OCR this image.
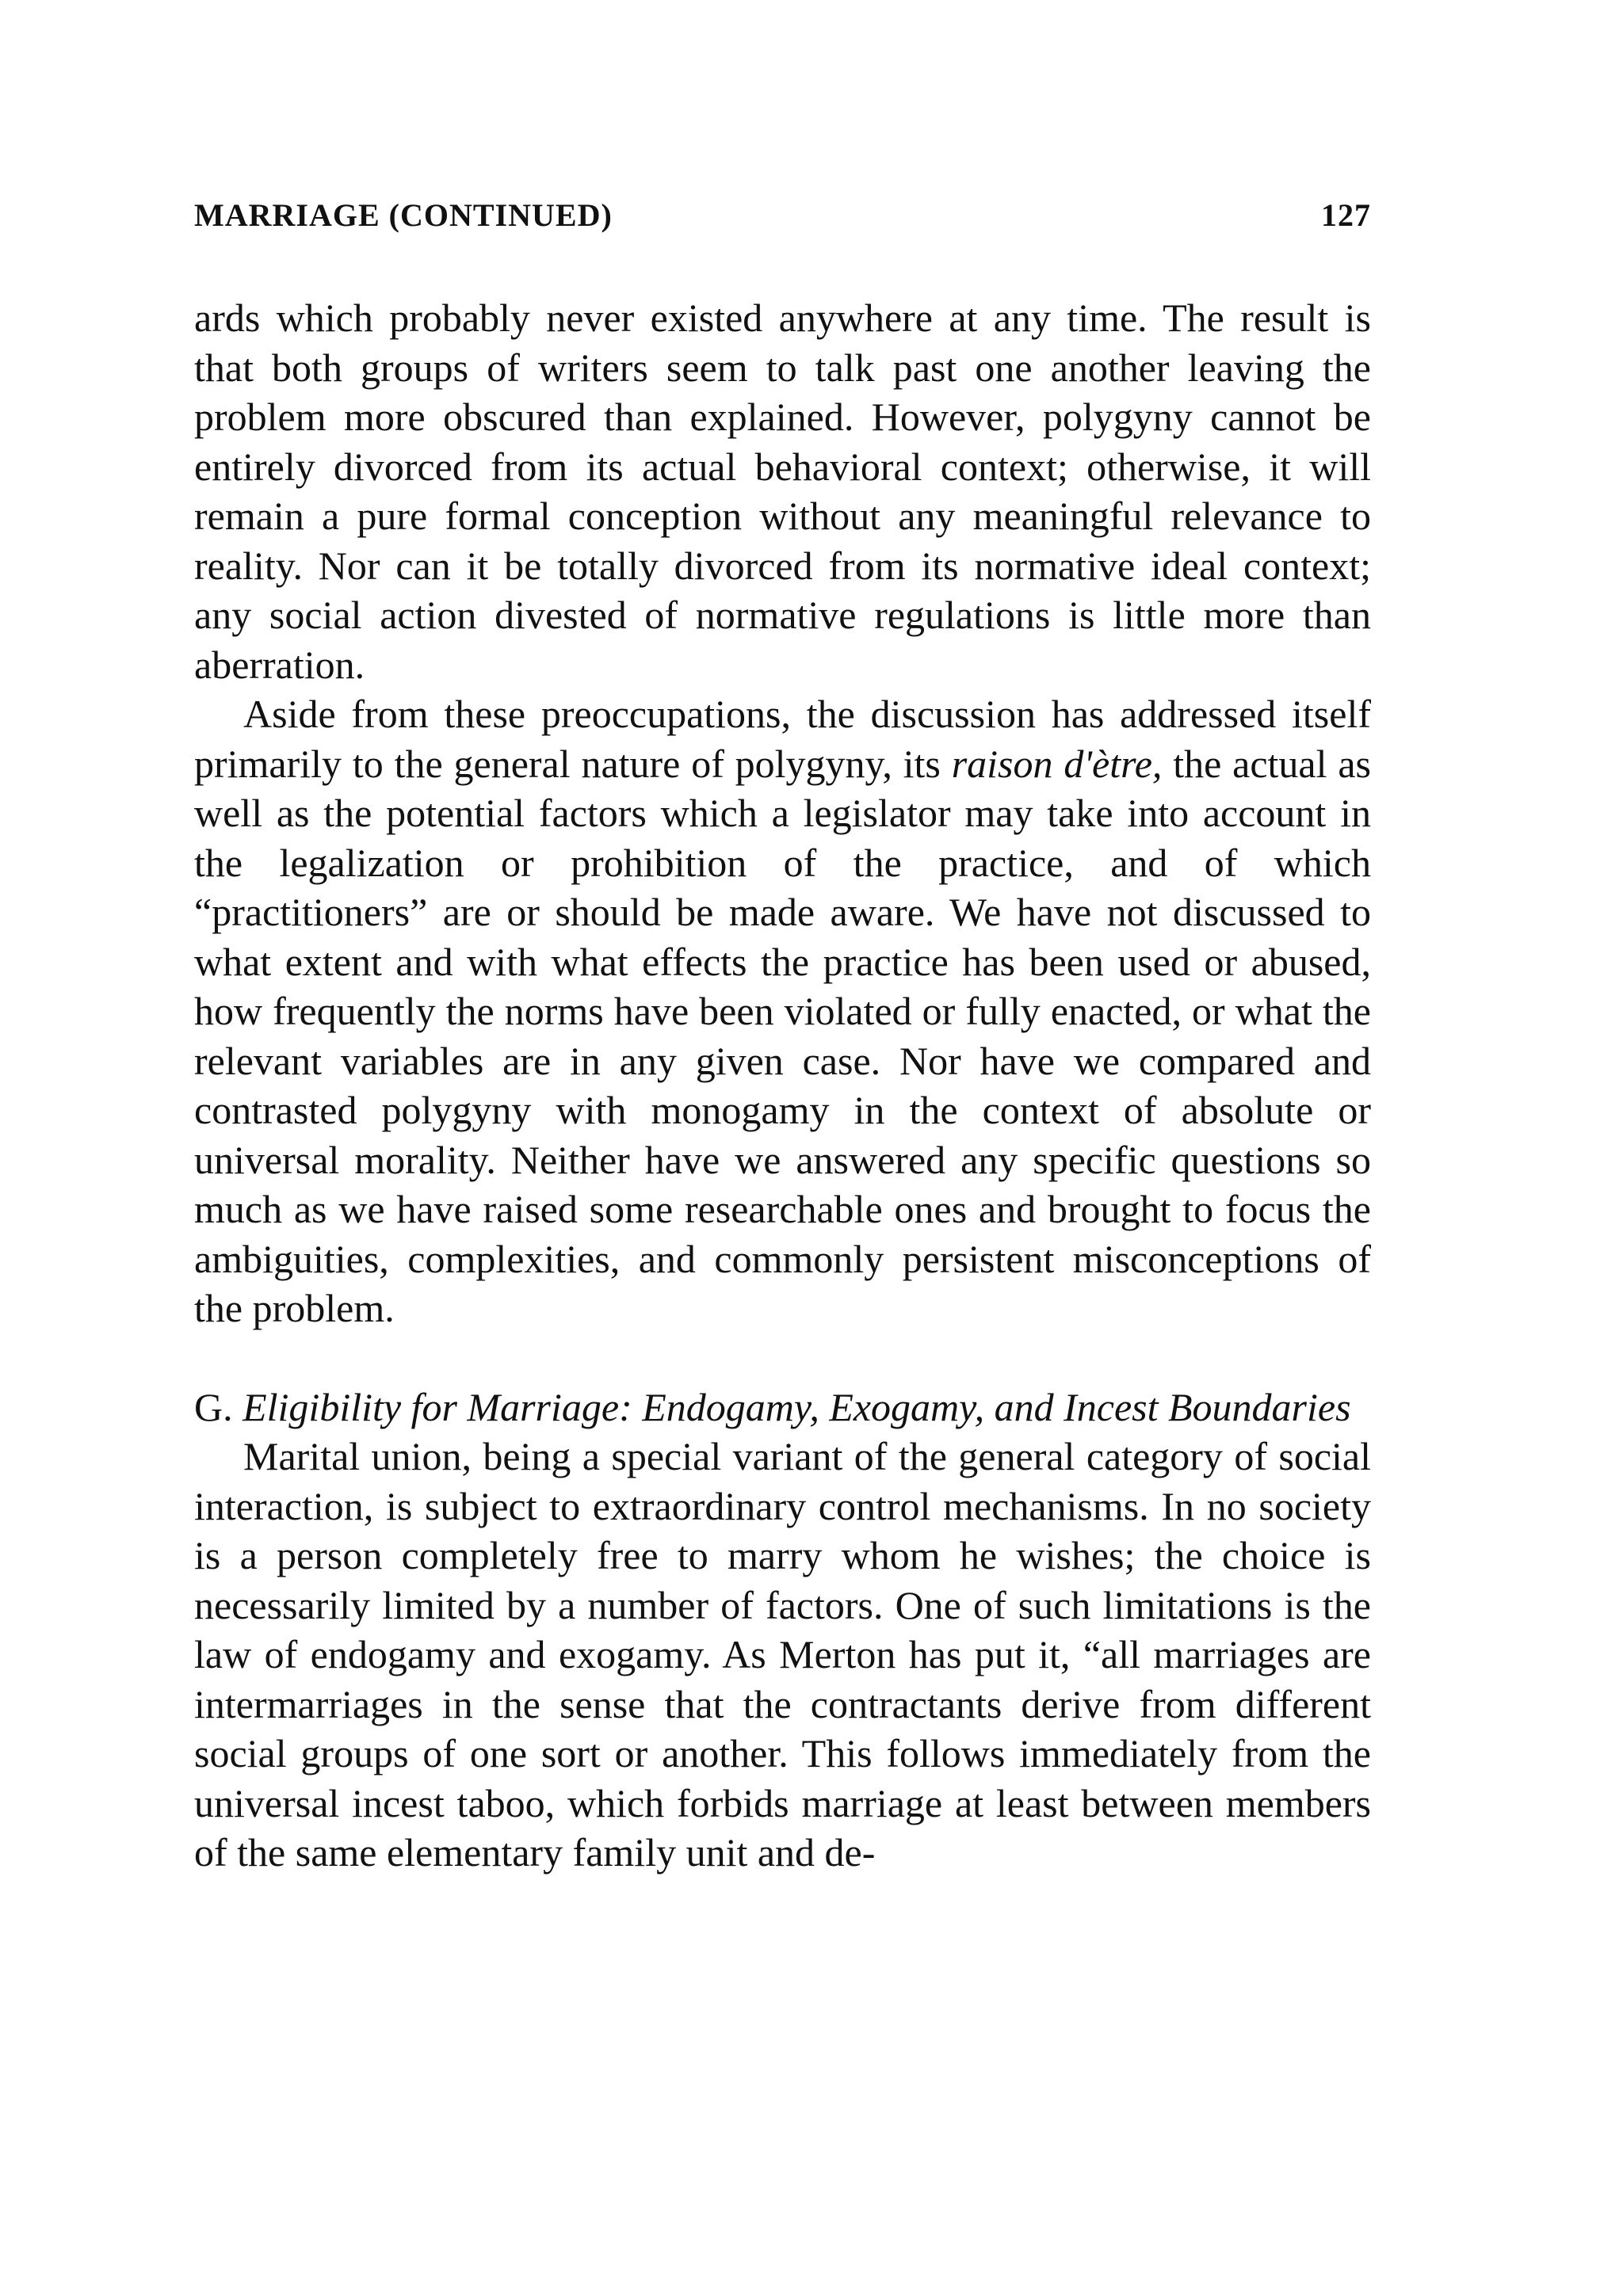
MARRIAGE (CONTINUED)	127

ards which probably never existed anywhere at any time. The result is that both groups of writers seem to talk past one another leaving the problem more obscured than explained. However, polygyny cannot be entirely divorced from its actual behavioral context; otherwise, it will remain a pure formal conception without any meaningful relevance to reality. Nor can it be totally divorced from its normative ideal context; any social action divested of normative regulations is little more than aberration.

Aside from these preoccupations, the discussion has addressed itself primarily to the general nature of polygyny, its raison d'ètre, the actual as well as the potential factors which a legislator may take into account in the legalization or prohibition of the practice, and of which “practitioners” are or should be made aware. We have not discussed to what extent and with what effects the practice has been used or abused, how frequently the norms have been violated or fully enacted, or what the relevant variables are in any given case. Nor have we compared and contrasted polygyny with monogamy in the context of absolute or universal morality. Neither have we answered any specific questions so much as we have raised some researchable ones and brought to focus the ambiguities, complexities, and commonly persistent misconceptions of the problem.

G. Eligibility for Marriage: Endogamy, Exogamy, and Incest Boundaries

Marital union, being a special variant of the general category of social interaction, is subject to extraordinary control mechanisms. In no society is a person completely free to marry whom he wishes; the choice is necessarily limited by a number of factors. One of such limitations is the law of endogamy and exogamy. As Merton has put it, “all marriages are intermarriages in the sense that the contractants derive from different social groups of one sort or another. This follows immediately from the universal incest taboo, which forbids marriage at least between members of the same elementary family unit and de-
